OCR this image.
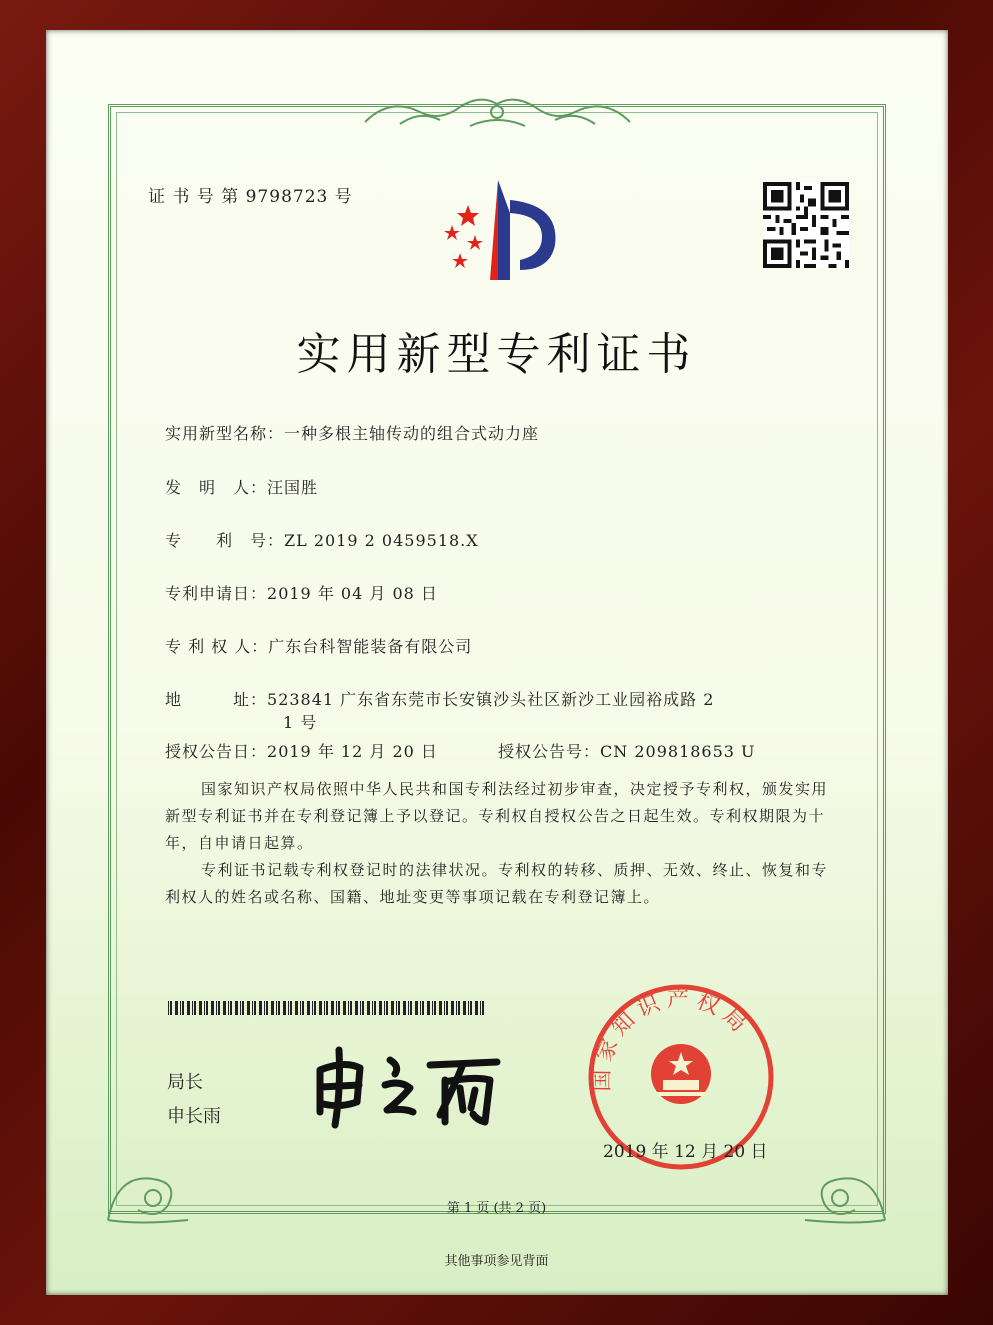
证 书 号 第 9798723 号
实用新型专利证书
实用新型名称：一种多根主轴传动的组合式动力座
发　明　人：汪国胜
专　　利　号：ZL 2019 2 0459518.X
专利申请日：2019 年 04 月 08 日
专 利 权 人：广东台科智能装备有限公司
地　　　址：523841 广东省东莞市长安镇沙头社区新沙工业园裕成路 2
1 号
授权公告日：2019 年 12 月 20 日	授权公告号：CN 209818653 U
国家知识产权局依照中华人民共和国专利法经过初步审查，决定授予专利权，颁发实用新型专利证书并在专利登记簿上予以登记。专利权自授权公告之日起生效。专利权期限为十年，自申请日起算。
专利证书记载专利权登记时的法律状况。专利权的转移、质押、无效、终止、恢复和专利权人的姓名或名称、国籍、地址变更等事项记载在专利登记簿上。
局长
申长雨
国家知识产权局
2019 年 12 月 20 日
第 1 页 (共 2 页)
其他事项参见背面
